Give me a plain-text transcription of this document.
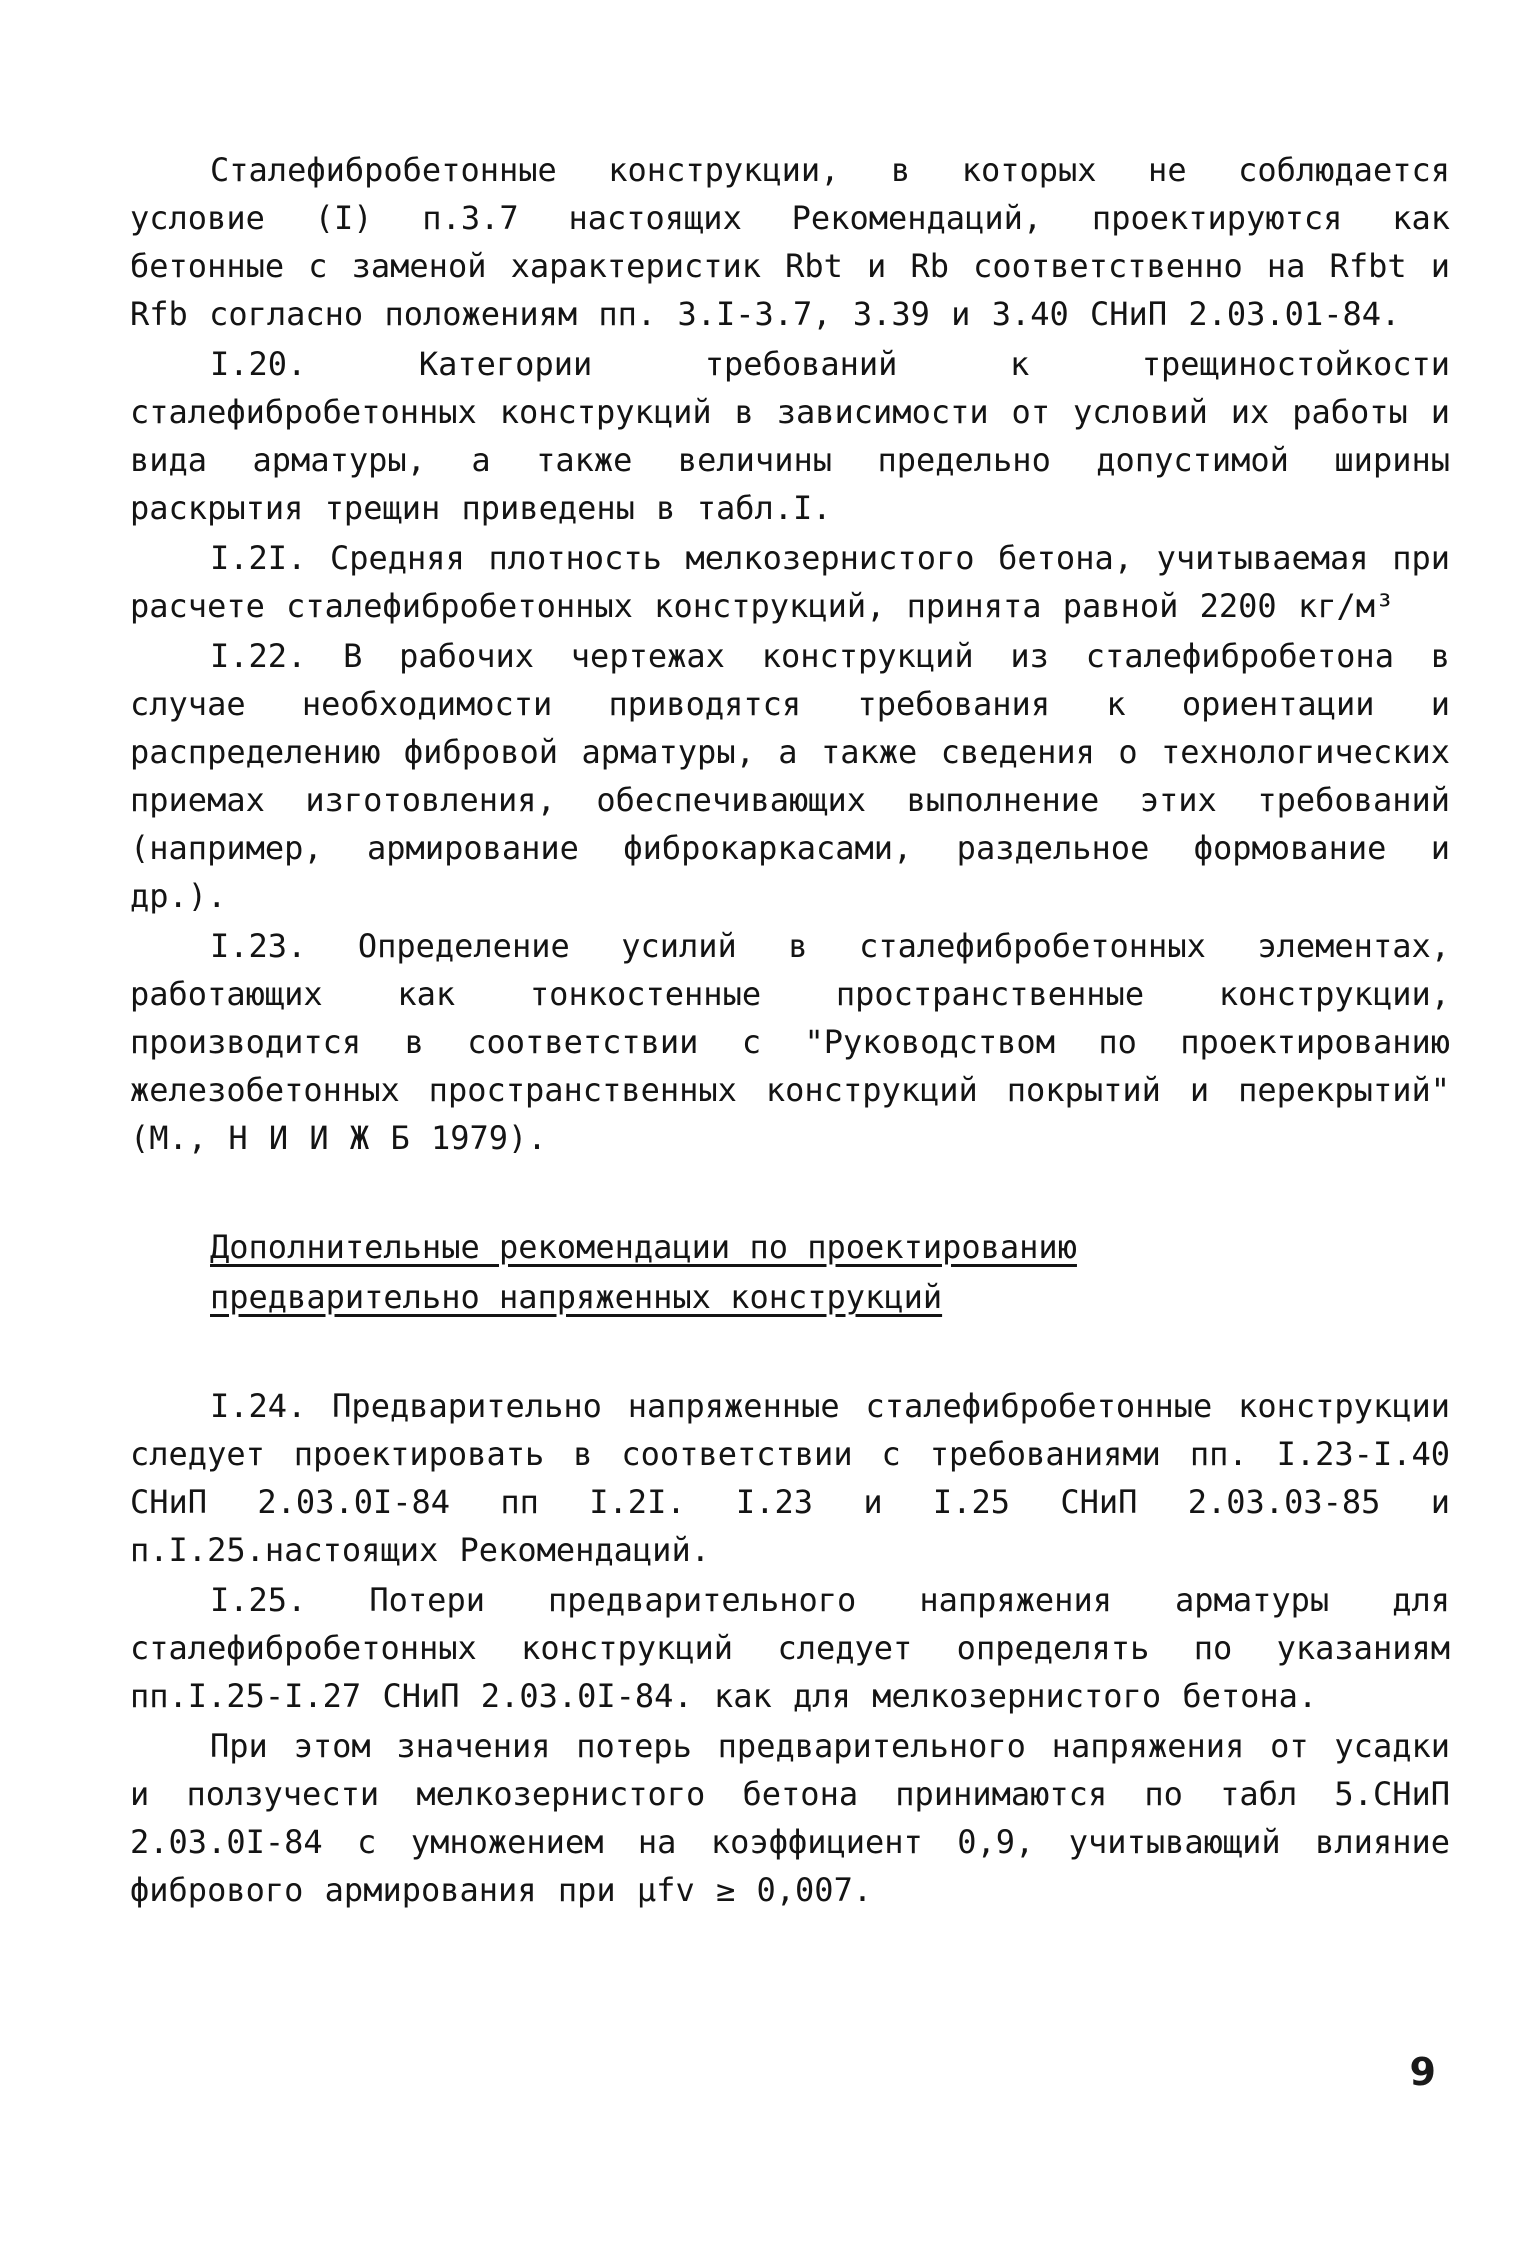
Сталефибробетонные конструкции, в которых не соблюдается условие (I) п.3.7 настоящих Рекомендаций, проектируются как бетонные с заменой характеристик Rbt и Rb соответственно на Rfbt и Rfb согласно положениям пп. 3.I-3.7, 3.39 и 3.40 СНиП 2.03.01-84.

I.20. Категории требований к трещиностойкости сталефибробетонных конструкций в зависимости от условий их работы и вида арматуры, а также величины предельно допустимой ширины раскрытия трещин приведены в табл.I.

I.2I. Средняя плотность мелкозернистого бетона, учитываемая при расчете сталефибробетонных конструкций, принята равной 2200 кг/м³

I.22. В рабочих чертежах конструкций из сталефибробетона в случае необходимости приводятся требования к ориентации и распределению фибровой арматуры, а также сведения о технологических приемах изготовления, обеспечивающих выполнение этих требований (например, армирование фиброкаркасами, раздельное формование и др.).

I.23. Определение усилий в сталефибробетонных элементах, работающих как тонкостенные пространственные конструкции, производится в соответствии с "Руководством по проектированию железобетонных пространственных конструкций покрытий и перекрытий" (М., Н И И Ж Б 1979).

Дополнительные рекомендации по проектированию
предварительно напряженных конструкций

I.24. Предварительно напряженные сталефибробетонные конструкции следует проектировать в соответствии с требованиями пп. I.23-I.40 СНиП 2.03.0I-84 пп I.2I. I.23 и I.25 СНиП 2.03.03-85 и п.I.25.настоящих Рекомендаций.

I.25. Потери предварительного напряжения арматуры для сталефибробетонных конструкций следует определять по указаниям пп.I.25-I.27 СНиП 2.03.0I-84. как для мелкозернистого бетона.

При этом значения потерь предварительного напряжения от усадки и ползучести мелкозернистого бетона принимаются по табл 5.СНиП 2.03.0I-84 с умножением на коэффициент 0,9, учитывающий влияние фибрового армирования при μfv ≥ 0,007.

9
